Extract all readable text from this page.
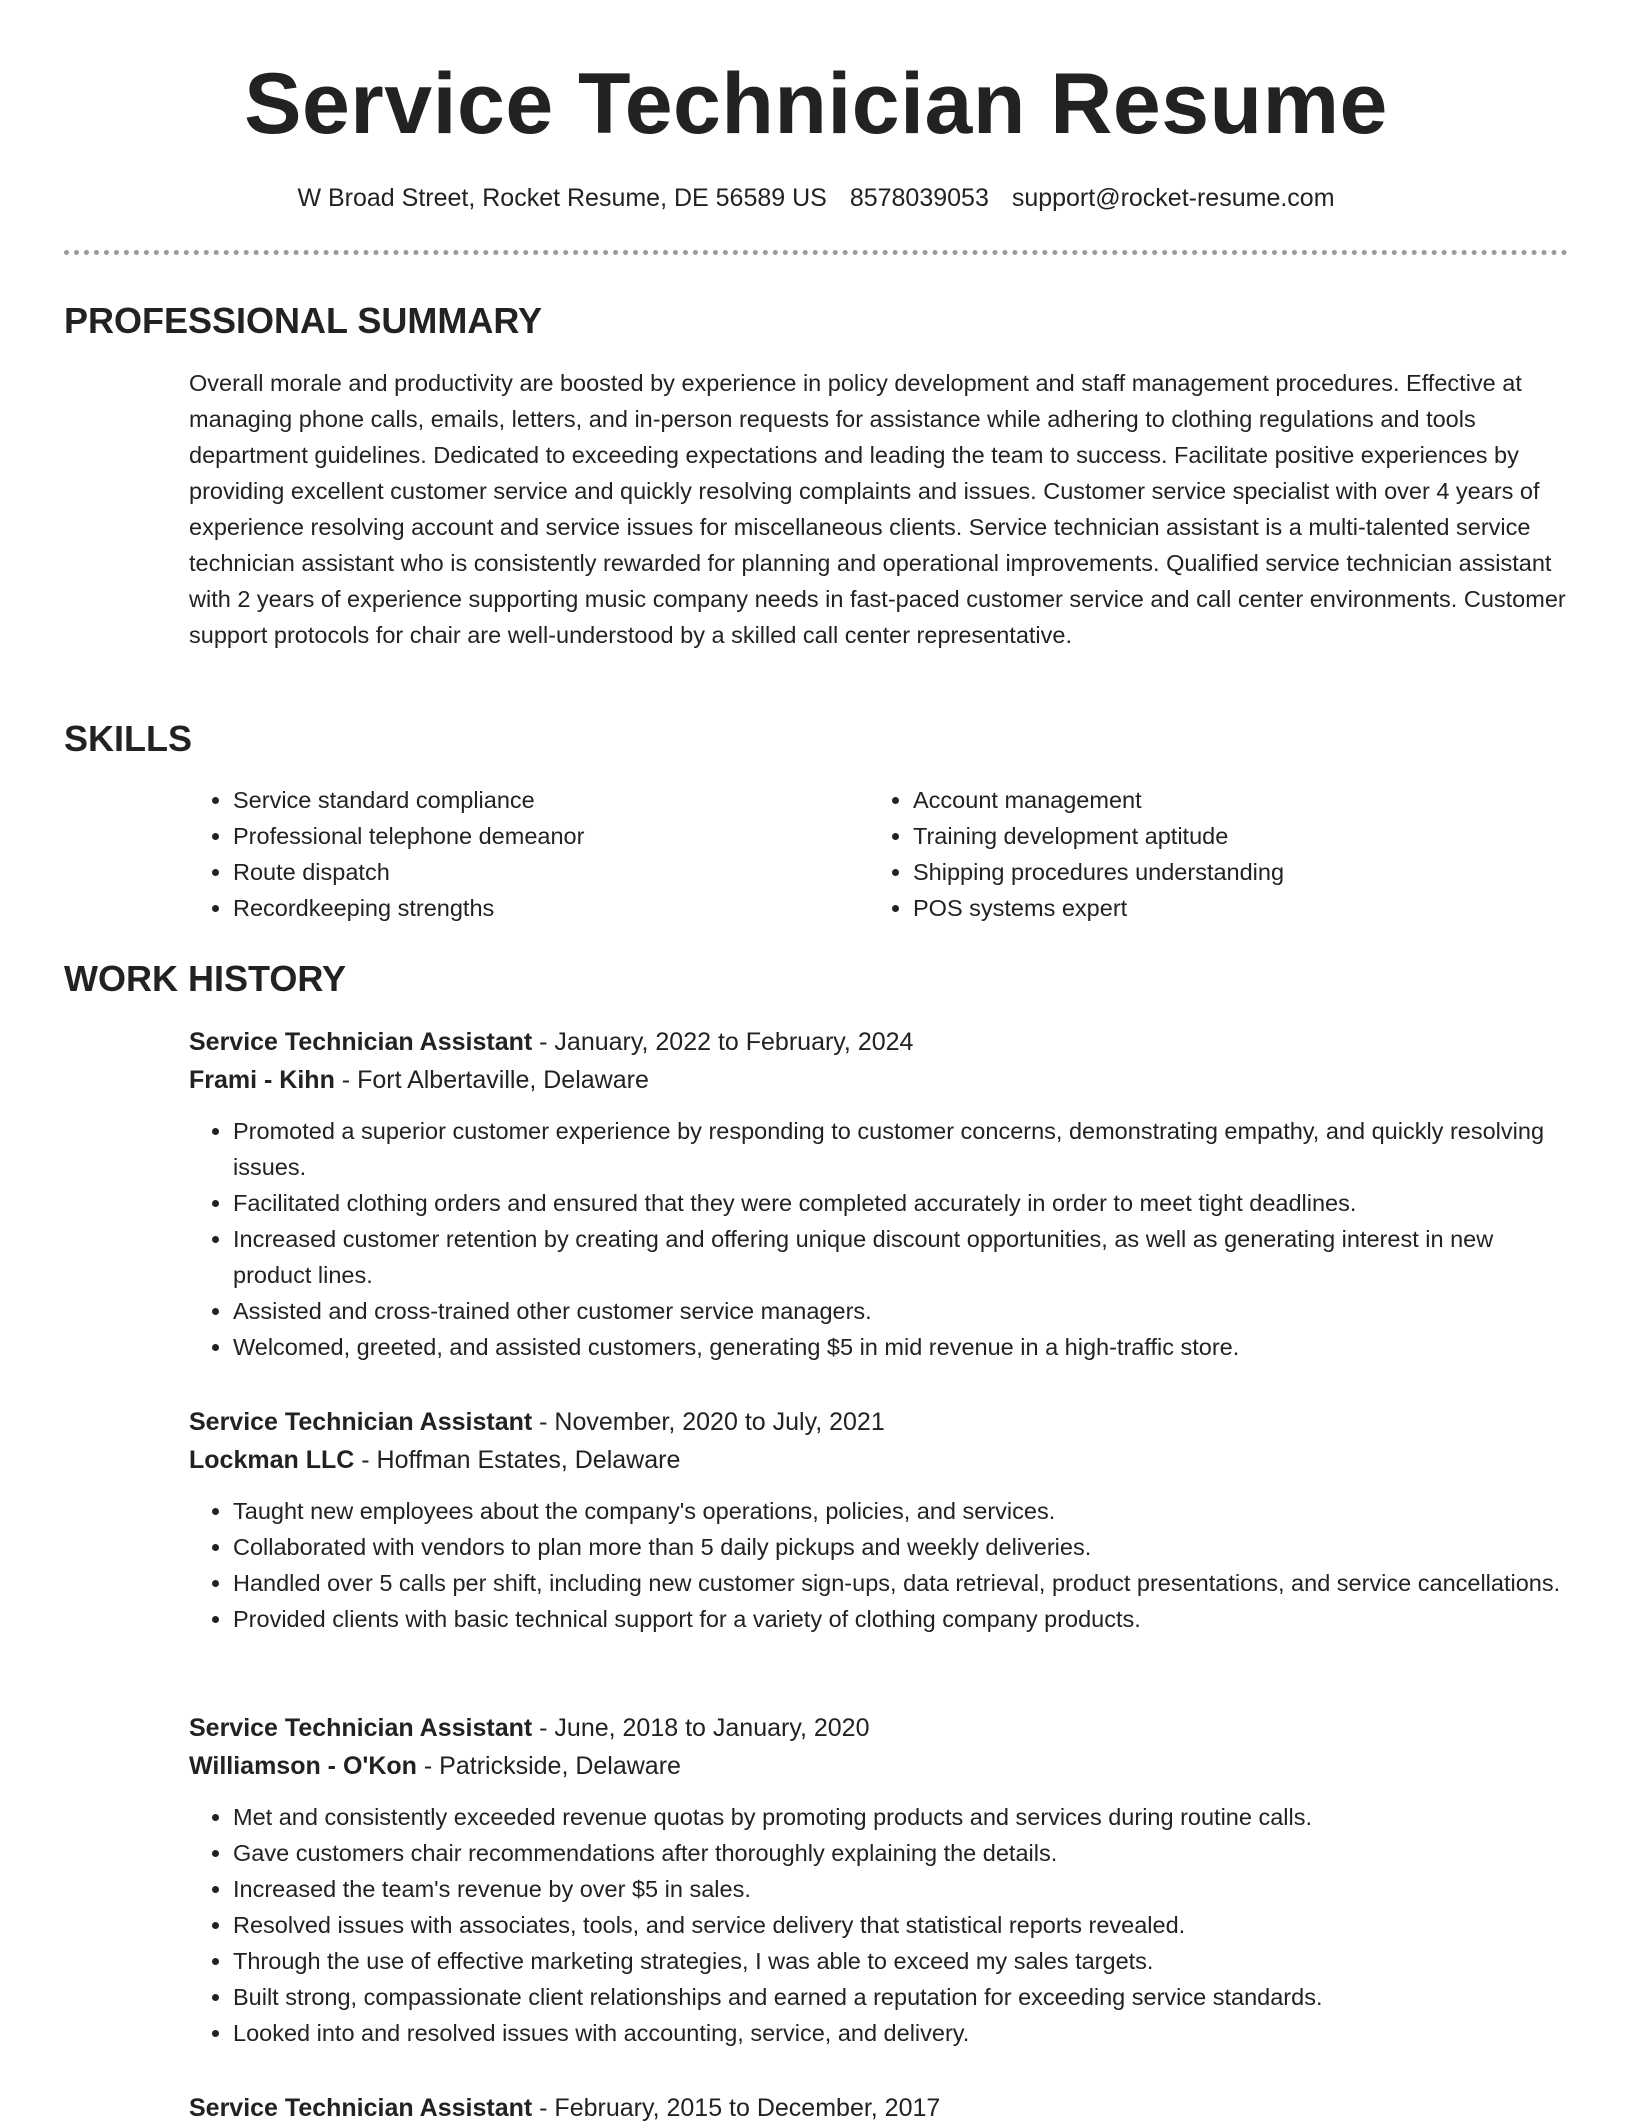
Service Technician Resume
W Broad Street, Rocket Resume, DE 56589 US 8578039053 support@rocket-resume.com
PROFESSIONAL SUMMARY

Overall morale and productivity are boosted by experience in policy development and staff management procedures. Effective at managing phone calls, emails, letters, and in-person requests for assistance while adhering to clothing regulations and tools department guidelines. Dedicated to exceeding expectations and leading the team to success. Facilitate positive experiences by providing excellent customer service and quickly resolving complaints and issues. Customer service specialist with over 4 years of experience resolving account and service issues for miscellaneous clients. Service technician assistant is a multi-talented service technician assistant who is consistently rewarded for planning and operational improvements. Qualified service technician assistant with 2 years of experience supporting music company needs in fast-paced customer service and call center environments. Customer support protocols for chair are well-understood by a skilled call center representative.

SKILLS
• Service standard compliance
• Professional telephone demeanor
• Route dispatch
• Recordkeeping strengths
• Account management
• Training development aptitude
• Shipping procedures understanding
• POS systems expert
WORK HISTORY
Service Technician Assistant - January, 2022 to February, 2024
Frami - Kihn - Fort Albertaville, Delaware
• Promoted a superior customer experience by responding to customer concerns, demonstrating empathy, and quickly resolving issues.
• Facilitated clothing orders and ensured that they were completed accurately in order to meet tight deadlines.
• Increased customer retention by creating and offering unique discount opportunities, as well as generating interest in new product lines.
• Assisted and cross-trained other customer service managers.
• Welcomed, greeted, and assisted customers, generating $5 in mid revenue in a high-traffic store.
Service Technician Assistant - November, 2020 to July, 2021
Lockman LLC - Hoffman Estates, Delaware
• Taught new employees about the company's operations, policies, and services.
• Collaborated with vendors to plan more than 5 daily pickups and weekly deliveries.
• Handled over 5 calls per shift, including new customer sign-ups, data retrieval, product presentations, and service cancellations.
• Provided clients with basic technical support for a variety of clothing company products.
Service Technician Assistant - June, 2018 to January, 2020
Williamson - O'Kon - Patrickside, Delaware
• Met and consistently exceeded revenue quotas by promoting products and services during routine calls.
• Gave customers chair recommendations after thoroughly explaining the details.
• Increased the team's revenue by over $5 in sales.
• Resolved issues with associates, tools, and service delivery that statistical reports revealed.
• Through the use of effective marketing strategies, I was able to exceed my sales targets.
• Built strong, compassionate client relationships and earned a reputation for exceeding service standards.
• Looked into and resolved issues with accounting, service, and delivery.
Service Technician Assistant - February, 2015 to December, 2017
